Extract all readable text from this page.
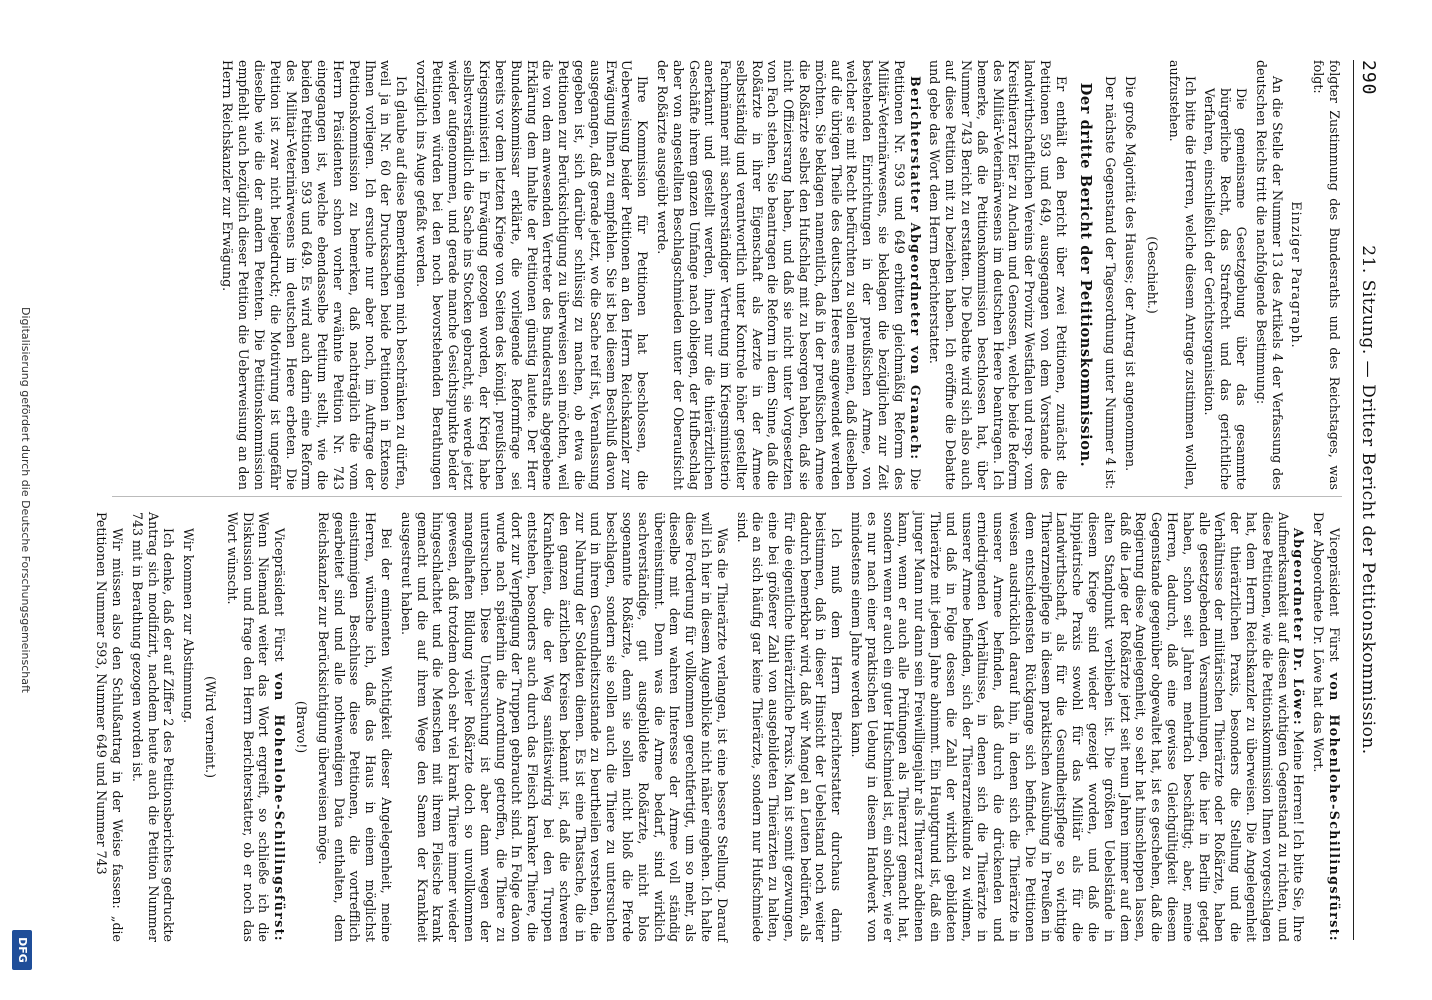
290
21. Sitzung. — Dritter Bericht der Petitionskommission.

folgter Zustimmung des Bundesraths und des Reichstages, was folgt:

Einziger Paragraph.

An die Stelle der Nummer 13 des Artikels 4 der Verfassung des deutschen Reichs tritt die nachfolgende Bestimmung:

Die gemeinsame Gesetzgebung über das gesammte bürgerliche Recht, das Strafrecht und das gerichtliche Verfahren, einschließlich der Gerichtsorganisation.

Ich bitte die Herren, welche diesem Antrage zustimmen wollen, aufzustehen.

(Geschieht.)

Die große Majorität des Hauses; der Antrag ist angenommen.

Der nächste Gegenstand der Tagesordnung unter Nummer 4 ist:

Der dritte Bericht der Petitionskommission.

Er enthält den Bericht über zwei Petitionen, zunächst die Petitionen 593 und 649, ausgegangen von dem Vorstande des landwirthschaftlichen Vereins der Provinz Westfalen und resp. vom Kreisthierarzt Eier zu Anclam und Genossen, welche beide Reform des Militär-Veterinärwesens im deutschen Heere beantragen. Ich bemerke, daß die Petitionskommission beschlossen hat, über Nummer 743 Bericht zu erstatten. Die Debatte wird sich also auch auf diese Petition mit zu beziehen haben. Ich eröffne die Debatte und gebe das Wort dem Herrn Berichterstatter.

Berichterstatter Abgeordneter von Granach: Die Petitionen Nr. 593 und 649 erbitten gleichmäßig Reform des Militär-Veterinärwesens, sie beklagen die bezüglichen zur Zeit bestehenden Einrichtungen in der preußischen Armee, von welcher sie mit Recht befürchten zu sollen meinen, daß dieselben auf die übrigen Theile des deutschen Heeres angewendet werden möchten. Sie beklagen namentlich, daß in der preußischen Armee die Roßärzte selbst den Hufschlag mit zu besorgen haben, daß sie nicht Offiziersrang haben, und daß sie nicht unter Vorgesetzten von Fach stehen. Sie beantragen die Reform in dem Sinne, daß die Roßärzte in ihrer Eigenschaft als Aerzte in der Armee selbstständig und verantwortlich unter Kontrole höher gestellter Fachmänner mit sachverständiger Vertretung im Kriegsministerio anerkannt und gestellt werden, ihnen nur die thierärztlichen Geschäfte ihrem ganzen Umfange nach obliegen, der Hufbeschlag aber von angestellten Beschlagschmieden unter der Oberaufsicht der Roßärzte ausgeübt werde.

Ihre Kommission für Petitionen hat beschlossen, die Ueberweisung beider Petitionen an den Herrn Reichskanzler zur Erwägung Ihnen zu empfehlen. Sie ist bei diesem Beschluß davon ausgegangen, daß gerade jetzt, wo die Sache reif ist, Veranlassung gegeben ist, sich darüber schlüssig zu machen, ob etwa die Petitionen zur Berücksichtigung zu überweisen sein möchten, weil die von dem anwesenden Vertreter des Bundesraths abgegebene Erklärung dem Inhalte der Petitionen günstig lautete. Der Herr Bundeskommissar erklärte, die vorliegende Reformfrage sei bereits vor dem letzten Kriege von Seiten des königl. preußischen Kriegsministerii in Erwägung gezogen worden, der Krieg habe selbstverständlich die Sache ins Stocken gebracht, sie werde jetzt wieder aufgenommen, und gerade manche Gesichtspunkte beider Petitionen würden bei den noch bevorstehenden Berathungen vorzüglich ins Auge gefaßt werden.

Ich glaube auf diese Bemerkungen mich beschränken zu dürfen, weil ja in Nr. 60 der Drucksachen beide Petitionen in Extenso Ihnen vorliegen. Ich ersuche nur aber noch, im Auftrage der Petitionskommission zu bemerken, daß nachträglich die vom Herrn Präsidenten schon vorher erwähnte Petition Nr. 743 eingegangen ist, welche ebendasselbe Petitum stellt, wie die beiden Petitionen 593 und 649. Es wird auch darin eine Reform des Militair-Veterinärwesens im deutschen Heere erbeten. Die Petition ist zwar nicht beigedruckt; die Motivirung ist ungefähr dieselbe wie die der andern Petenten. Die Petitionskommission empfiehlt auch bezüglich dieser Petition die Ueberweisung an den Herrn Reichskanzler zur Erwägung.

Vicepräsident Fürst von Hohenlohe-Schillingsfürst: Der Abgeordnete Dr. Löwe hat das Wort.

Abgeordneter Dr. Löwe: Meine Herren! Ich bitte Sie, Ihre Aufmerksamkeit auf diesen wichtigen Gegenstand zu richten, und diese Petitionen, wie die Petitionskommission Ihnen vorgeschlagen hat, dem Herrn Reichskanzler zu überweisen. Die Angelegenheit der thierärztlichen Praxis, besonders die Stellung und die Verhältnisse der militärischen Thierärzte oder Roßärzte, haben alle gesetzgebenden Versammlungen, die hier in Berlin getagt haben, schon seit Jahren mehrfach beschäftigt; aber, meine Herren, dadurch, daß eine gewisse Gleichgültigkeit diesem Gegenstande gegenüber obgewaltet hat, ist es geschehen, daß die Regierung diese Angelegenheit, so sehr hat hinschleppen lassen, daß die Lage der Roßärzte jetzt seit neun Jahren immer auf dem alten Standpunkt verblieben ist. Die größten Uebelstände in diesem Kriege sind wieder gezeigt worden, und daß die hippiatrische Praxis sowohl für das Militär als für die Landwirthschaft, als für die Gesundheitspflege so wichtige Thierarzneipflege in diesem praktischen Ausübung in Preußen in dem entschiedensten Rückgange sich befindet. Die Petitionen weisen ausdrücklich darauf hin, in denen sich die Thierärzte in unserer Armee befinden, daß durch die drückenden und erniedrigenden Verhältnisse, in denen sich die Thierärzte in unserer Armee befinden, sich der Thierarzneikunde zu widmen, und daß in Folge dessen die Zahl der wirklich gebildeten Thierärzte mit jedem Jahre abnimmt. Ein Hauptgrund ist, daß ein junger Mann nur dann sein Freiwilligenjahr als Thierarzt abdienen kann, wenn er auch alle Prüfungen als Thierarzt gemacht hat, sondern wenn er auch ein guter Hufschmied ist, ein solcher, wie er es nur nach einer praktischen Uebung in diesem Handwerk von mindestens einem Jahre werden kann.

Ich muß dem Herrn Berichterstatter durchaus darin beistimmen, daß in dieser Hinsicht der Uebelstand noch weiter dadurch bemerkbar wird, daß wir Mangel an Leuten bedürfen, als für die eigentliche thierärztliche Praxis. Man ist somit gezwungen, eine bei größerer Zahl von ausgebildeten Thierärzten zu halten, die an sich häufig gar keine Thierärzte, sondern nur Hufschmiede sind.

Was die Thierärzte verlangen, ist eine bessere Stellung. Darauf will ich hier in diesem Augenblicke nicht näher eingehen. Ich halte diese Forderung für vollkommen gerechtfertigt, um so mehr, als dieselbe mit dem wahren Interesse der Armee voll ständig übereinstimmt. Denn was die Armee bedarf, sind wirklich sachverständige, gut ausgebildete Roßärzte, nicht blos sogenannte Roßärzte, denn sie sollen nicht bloß die Pferde beschlagen, sondern sie sollen auch die Thiere zu untersuchen und in ihrem Gesundheitszustande zu beurtheilen verstehen, die zur Nahrung der Soldaten dienen. Es ist eine Thatsache, die in den ganzen ärztlichen Kreisen bekannt ist, daß die schweren Krankheiten, die der Weg sanitätswidrig bei den Truppen entstehen, besonders auch durch das Fleisch kranker Thiere, die dort zur Verpflegung der Truppen gebraucht sind. In Folge davon wurde nach späterhin die Anordnung getroffen, die Thiere zu untersuchen. Diese Untersuchung ist aber dann wegen der mangelhaften Bildung vieler Roßärzte doch so unvollkommen gewesen, daß trotzdem doch sehr viel krank Thiere immer wieder hingeschlachtet und die Menschen mit ihrem Fleische krank gemacht und die auf ihrem Wege den Samen der Krankheit ausgestreut haben.

Bei der eminenten Wichtigkeit dieser Angelegenheit, meine Herren, wünsche ich, daß das Haus in einem möglichst einstimmigen Beschlusse diese Petitionen, die vortrefflich gearbeitet sind und alle nothwendigen Data enthalten, dem Reichskanzler zur Berücksichtigung überweisen möge.

(Bravo!)

Vicepräsident Fürst von Hohenlohe-Schillingsfürst: Wenn Niemand weiter das Wort ergreift, so schließe ich die Diskussion und frage den Herrn Berichterstatter, ob er noch das Wort wünscht.

(Wird verneint.)

Wir kommen zur Abstimmung.

Ich denke, daß der auf Ziffer 2 des Petitionsberichtes gedruckte Antrag sich modifizirt, nachdem heute auch die Petition Nummer 743 mit in Berathung gezogen worden ist.

Wir müssen also den Schlußantrag in der Weise fassen: „die Petitionen Nummer 593, Nummer 649 und Nummer 743

Digitalisierung gefördert durch die Deutsche Forschungsgemeinschaft
DFG
